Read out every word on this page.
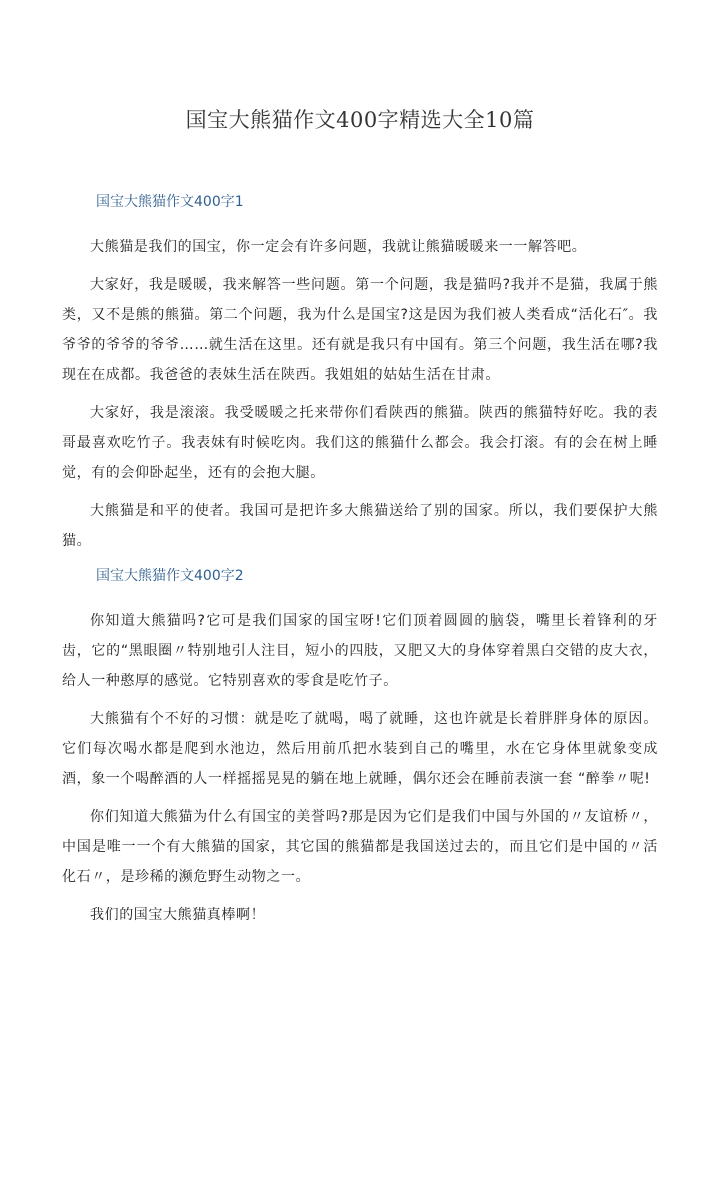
国宝大熊猫作文400字精选大全10篇
国宝大熊猫作文400字1

大熊猫是我们的国宝，你一定会有许多问题，我就让熊猫暖暖来一一解答吧。

大家好，我是暖暖，我来解答一些问题。第一个问题，我是猫吗?我并不是猫，我属于熊类，又不是熊的熊猫。第二个问题，我为什么是国宝?这是因为我们被人类看成“活化石″。我爷爷的爷爷的爷爷……就生活在这里。还有就是我只有中国有。第三个问题，我生活在哪?我现在在成都。我爸爸的表妹生活在陕西。我姐姐的姑姑生活在甘肃。

大家好，我是滚滚。我受暖暖之托来带你们看陕西的熊猫。陕西的熊猫特好吃。我的表哥最喜欢吃竹子。我表妹有时候吃肉。我们这的熊猫什么都会。我会打滚。有的会在树上睡觉，有的会仰卧起坐，还有的会抱大腿。

大熊猫是和平的使者。我国可是把许多大熊猫送给了别的国家。所以，我们要保护大熊猫。

国宝大熊猫作文400字2

你知道大熊猫吗?它可是我们国家的国宝呀!它们顶着圆圆的脑袋，嘴里长着锋利的牙齿，它的“黑眼圈〃特别地引人注目，短小的四肢，又肥又大的身体穿着黑白交错的皮大衣，给人一种憨厚的感觉。它特别喜欢的零食是吃竹子。

大熊猫有个不好的习惯：就是吃了就喝，喝了就睡，这也许就是长着胖胖身体的原因。它们每次喝水都是爬到水池边，然后用前爪把水装到自己的嘴里，水在它身体里就象变成酒，象一个喝醉酒的人一样摇摇晃晃的躺在地上就睡，偶尔还会在睡前表演一套 “醉拳〃呢!

你们知道大熊猫为什么有国宝的美誉吗?那是因为它们是我们中国与外国的〃友谊桥〃，中国是唯一一个有大熊猫的国家，其它国的熊猫都是我国送过去的，而且它们是中国的〃活化石〃，是珍稀的濒危野生动物之一。

我们的国宝大熊猫真棒啊！
